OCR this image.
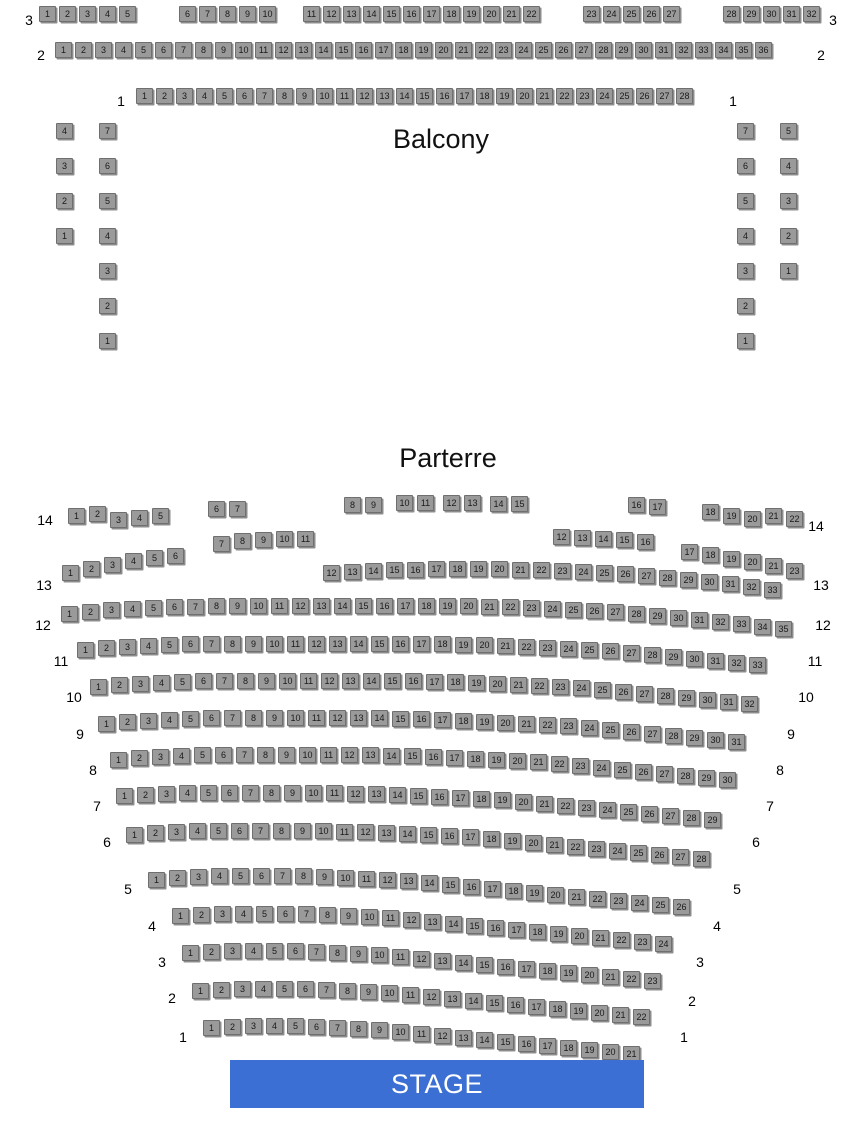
Balcony
Parterre
3	3
1	2	3	4	5	6	7	8	9	10	11	12	13	14	15	16	17	18	19	20	21	22	23	24	25	26	27	28	29	30	31	32
2	2
1	2	3	4	5	6	7	8	9	10	11	12	13	14	15	16	17	18	19	20	21	22	23	24	25	26	27	28	29	30	31	32	33	34	35	36
1	1
1	2	3	4	5	6	7	8	9	10	11	12	13	14	15	16	17	18	19	20	21	22	23	24	25	26	27	28
4
3
2
1
7
6
5
4
3
2
1
7
6
5
4
3
2
1
5
4
3
2
1
14	14
1	2
3	4	5
6	7	8	9	10	11	12	13	14	15	16	17	18	19	20	21	22
13	13
1	2	3	4	5	6
7	8	9	10	11
12	13	14	15	16	17	18	19	20	21	22	23	24	25	26	27	28	29	30	31	32	33
12	13	14	15	16
17	18	19	20	21	23
12	12
1	2	3	4	5	6	7	8	9	10	11	12	13	14	15	16	17	18	19	20	21	22	23	24	25	26	27	28	29	30	31	32	33	34	35
11	11
1	2	3	4	5	6	7	8	9	10	11	12	13	14	15	16	17	18	19	20	21	22	23	24	25	26	27	28	29	30	31	32	33
10	10
1	2	3	4	5	6	7	8	9	10	11	12	13	14	15	16	17	18	19	20	21	22	23	24	25	26	27	28	29	30	31	32
9	9
1	2	3	4	5	6	7	8	9	10	11	12	13	14	15	16	17	18	19	20	21	22	23	24	25	26	27	28	29	30	31
8	8
1	2	3	4	5	6	7	8	9	10	11	12	13	14	15	16	17	18	19	20	21	22	23	24	25	26	27	28	29	30
7	7
1	2	3	4	5	6	7	8	9	10	11	12	13	14	15	16	17	18	19	20	21	22	23	24	25	26	27	28	29
6	6
1	2	3	4	5	6	7	8	9	10	11	12	13	14	15	16	17	18	19	20	21	22	23	24	25	26	27	28
5	5
1	2	3	4	5	6	7	8	9	10	11	12	13	14	15	16	17	18	19	20	21	22	23	24	25	26
4	4
1	2	3	4	5	6	7	8	9	10	11	12	13	14	15	16	17	18	19	20	21	22	23	24
3	3
1	2	3	4	5	6	7	8	9	10	11	12	13	14	15	16	17	18	19	20	21	22	23
2	2
1	2	3	4	5	6	7	8	9	10	11	12	13	14	15	16	17	18	19	20	21	22
1	1
1	2	3	4	5	6	7	8	9	10	11	12	13	14	15	16	17	18	19	20	21
STAGE
